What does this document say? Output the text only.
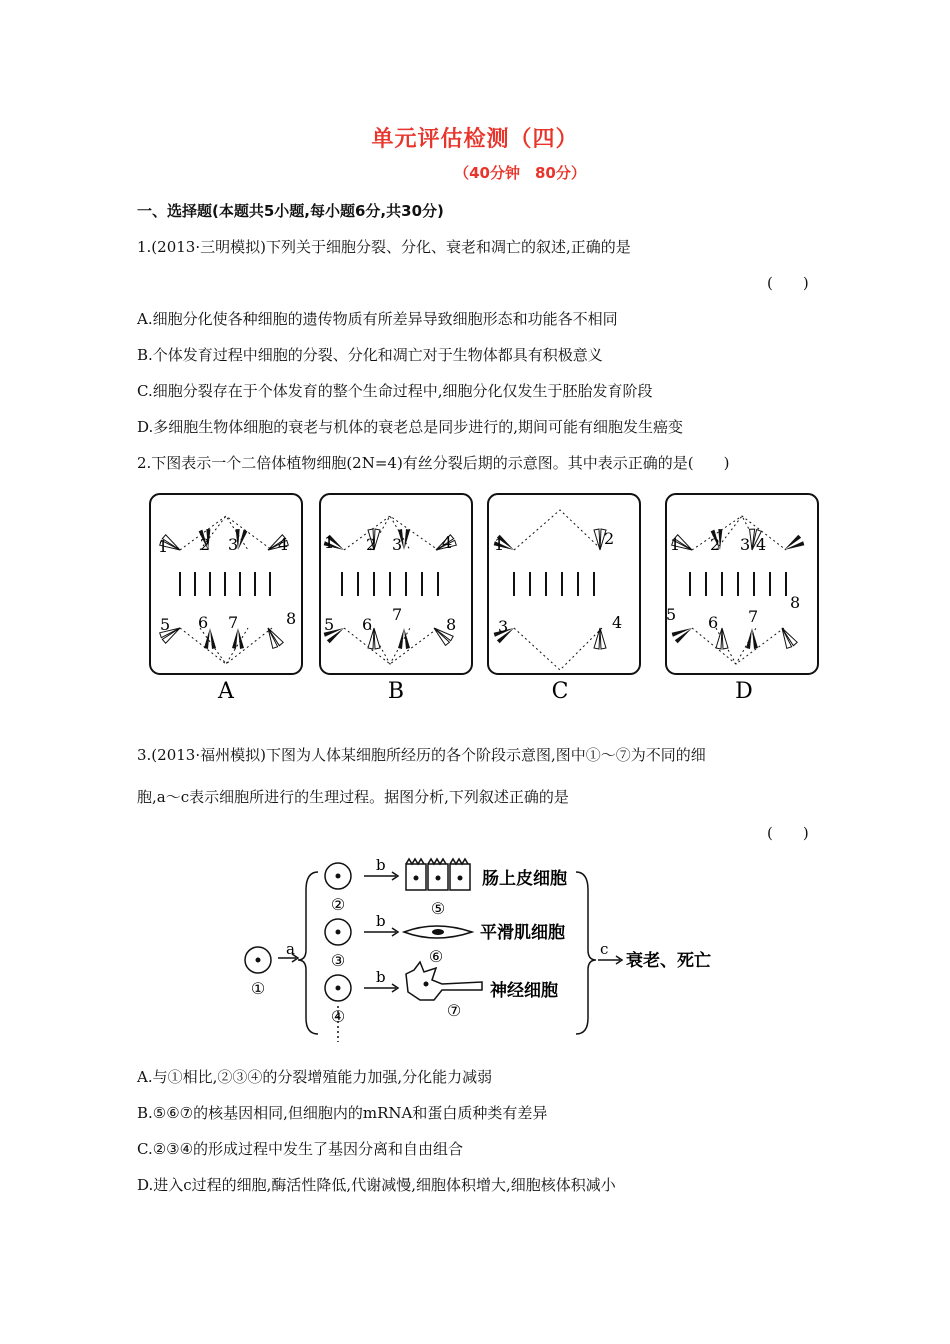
单元评估检测（四）
（40分钟　80分）
一、选择题(本题共5小题,每小题6分,共30分)
1.(2013·三明模拟)下列关于细胞分裂、分化、衰老和凋亡的叙述,正确的是
(　　)
A.细胞分化使各种细胞的遗传物质有所差异导致细胞形态和功能各不相同
B.个体发育过程中细胞的分裂、分化和凋亡对于生物体都具有积极意义
C.细胞分裂存在于个体发育的整个生命过程中,细胞分化仅发生于胚胎发育阶段
D.多细胞生物体细胞的衰老与机体的衰老总是同步进行的,期间可能有细胞发生癌变
2.下图表示一个二倍体植物细胞(2N=4)有丝分裂后期的示意图。其中表示正确的是(　　)
1 2 3 4
5 6 7	8
A
1 2 3 4
5 6
7
8
B
1	2
3	4
C
1 2 3 4
5 6 7
8
D
3.(2013·福州模拟)下图为人体某细胞所经历的各个阶段示意图,图中①～⑦为不同的细
胞,a～c表示细胞所进行的生理过程。据图分析,下列叙述正确的是
(　　)
①
②
③
④
⑤
⑥
⑦
a
b
b
b
c
肠上皮细胞
平滑肌细胞
神经细胞
衰老、死亡
A.与①相比,②③④的分裂增殖能力加强,分化能力减弱
B.⑤⑥⑦的核基因相同,但细胞内的mRNA和蛋白质种类有差异
C.②③④的形成过程中发生了基因分离和自由组合
D.进入c过程的细胞,酶活性降低,代谢减慢,细胞体积增大,细胞核体积减小
